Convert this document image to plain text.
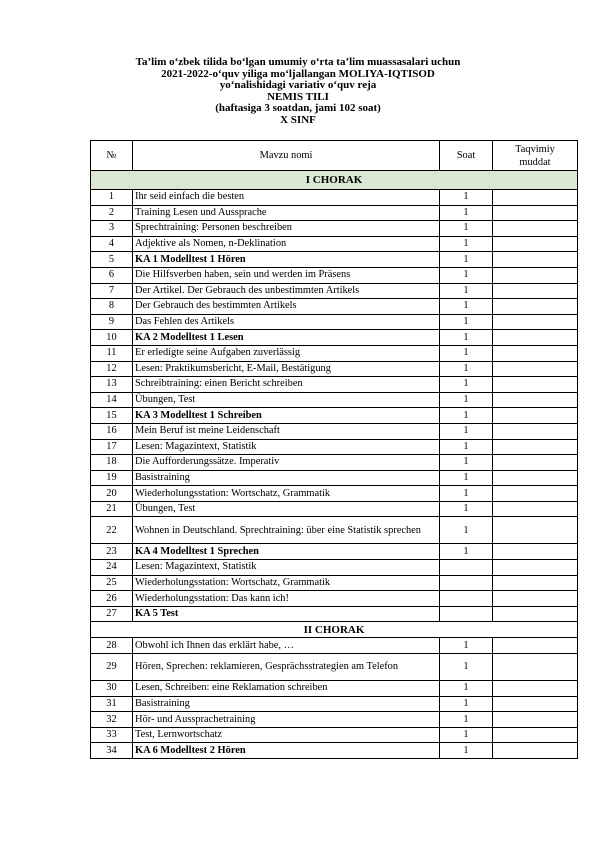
Ta’lim o‘zbek tilida bo‘lgan umumiy o‘rta ta’lim muassasalari uchun
2021-2022-o‘quv yiliga mo‘ljallangan MOLIYA-IQTISOD
yo‘nalishidagi variativ o‘quv reja
NEMIS TILI
(haftasiga 3 soatdan, jami 102 soat)
X SINF
№	Mavzu nomi	Soat	Taqvimiy
muddat
I CHORAK			
1	Ihr seid einfach die besten	1	
2	Training Lesen und Aussprache	1	
3	Sprechtraining: Personen beschreiben	1	
4	Adjektive als Nomen, n-Deklination	1	
5	KA 1 Modelltest 1 Hören	1	
6	Die Hilfsverben haben, sein und werden im Präsens	1	
7	Der Artikel. Der Gebrauch des unbestimmten Artikels	1	
8	Der Gebrauch des bestimmten Artikels	1	
9	Das Fehlen des Artikels	1	
10	KA 2 Modelltest 1 Lesen	1	
11	Er erledigte seine Aufgaben zuverlässig	1	
12	Lesen: Praktikumsbericht, E-Mail, Bestätigung	1	
13	Schreibtraining: einen Bericht schreiben	1	
14	Übungen, Test	1	
15	KA 3 Modelltest 1 Schreiben	1	
16	Mein Beruf ist meine Leidenschaft	1	
17	Lesen: Magazintext, Statistik	1	
18	Die Aufforderungssätze. Imperativ	1	
19	Basistraining	1	
20	Wiederholungsstation: Wortschatz, Grammatik	1	
21	Übungen, Test	1	
22	Wohnen in Deutschland. Sprechtraining: über eine Statistik sprechen	1	
23	KA 4 Modelltest 1 Sprechen	1	
24	Lesen: Magazintext, Statistik		
25	Wiederholungsstation: Wortschatz, Grammatik		
26	Wiederholungsstation: Das kann ich!		
27	KA 5 Test		
II CHORAK			
28	Obwohl ich Ihnen das erklärt habe, …	1	
29	Hören, Sprechen: reklamieren, Gesprächsstrategien am Telefon	1	
30	Lesen, Schreiben: eine Reklamation schreiben	1	
31	Basistraining	1	
32	Hör- und Aussprachetraining	1	
33	Test, Lernwortschatz	1	
34	KA 6 Modelltest 2 Hören	1	
